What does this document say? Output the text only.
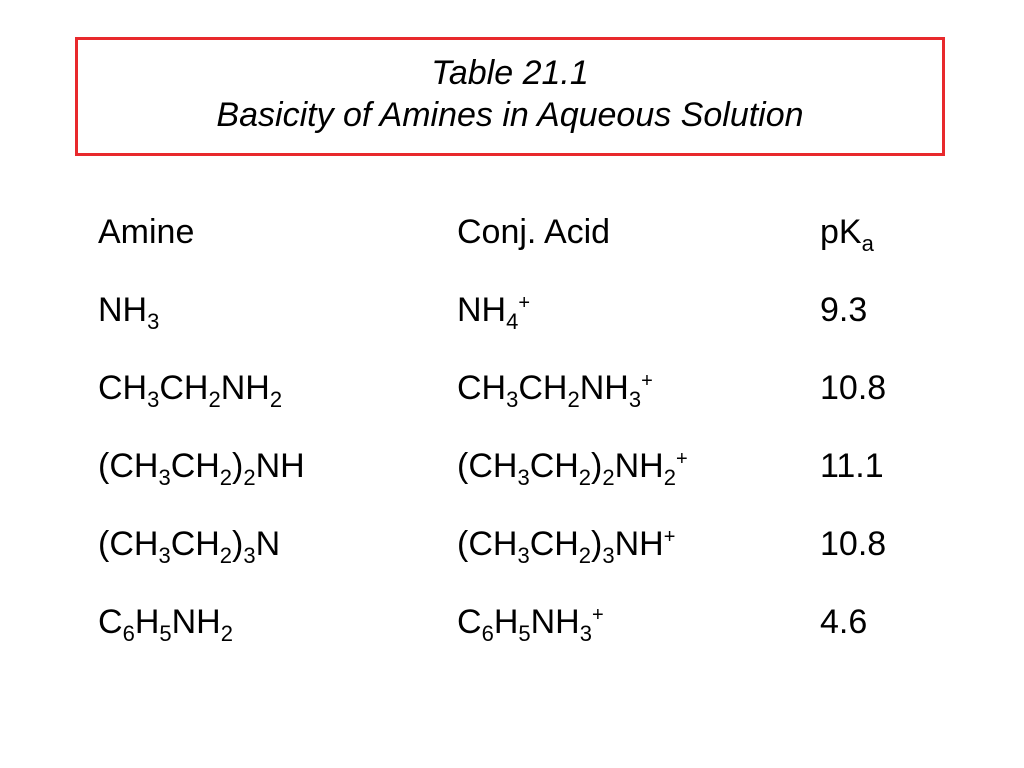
Table 21.1
Basicity of Amines in Aqueous Solution
Amine	Conj. Acid	$pK_a$
$NH_3$	$NH_4^+$	9.3
$CH_3CH_2NH_2$	$CH_3CH_2NH_3^+$	10.8
$(CH_3CH_2)_2NH$	$(CH_3CH_2)_2NH_2^+$	11.1
$(CH_3CH_2)_3N$	$(CH_3CH_2)_3NH^+$	10.8
$C_6H_5NH_2$	$C_6H_5NH_3^+$	4.6
